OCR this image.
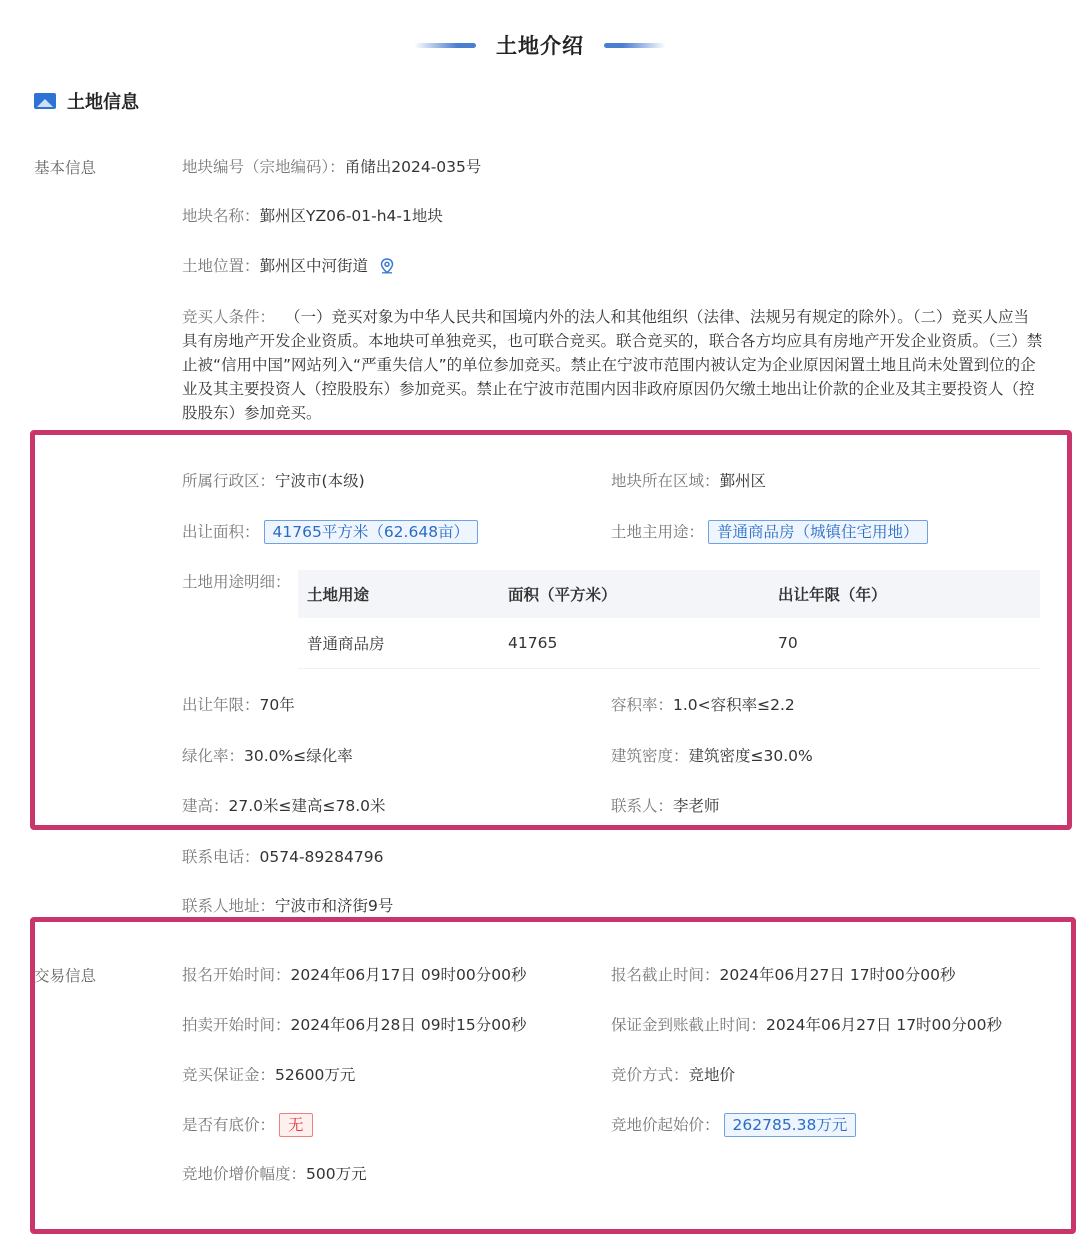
土地介绍
土地信息
基本信息	地块编号（宗地编码）： 甬储出2024-035号
地块名称： 鄞州区YZ06-01-h4-1地块
土地位置： 鄞州区中河街道
竞买人条件： （一）竞买对象为中华人民共和国境内外的法人和其他组织（法律、法规另有规定的除外）。（二）竞买人应当具有房地产开发企业资质。本地块可单独竞买，也可联合竞买。联合竞买的，联合各方均应具有房地产开发企业资质。（三）禁止被“信用中国”网站列入“严重失信人”的单位参加竞买。禁止在宁波市范围内被认定为企业原因闲置土地且尚未处置到位的企业及其主要投资人（控股股东）参加竞买。禁止在宁波市范围内因非政府原因仍欠缴土地出让价款的企业及其主要投资人（控股股东）参加竞买。
所属行政区： 宁波市(本级)	地块所在区域： 鄞州区
出让面积： 41765平方米（62.648亩）	土地主用途： 普通商品房（城镇住宅用地）
土地用途明细：
土地用途	面积（平方米）	出让年限（年）
普通商品房	41765	70
出让年限： 70年	容积率： 1.0<容积率≤2.2
绿化率： 30.0%≤绿化率	建筑密度： 建筑密度≤30.0%
建高： 27.0米≤建高≤78.0米	联系人： 李老师
联系电话： 0574-89284796
联系人地址： 宁波市和济街9号
交易信息	报名开始时间： 2024年06月17日 09时00分00秒	报名截止时间： 2024年06月27日 17时00分00秒
拍卖开始时间： 2024年06月28日 09时15分00秒	保证金到账截止时间： 2024年06月27日 17时00分00秒
竞买保证金： 52600万元	竞价方式： 竞地价
是否有底价： 无	竞地价起始价： 262785.38万元
竞地价增价幅度： 500万元
